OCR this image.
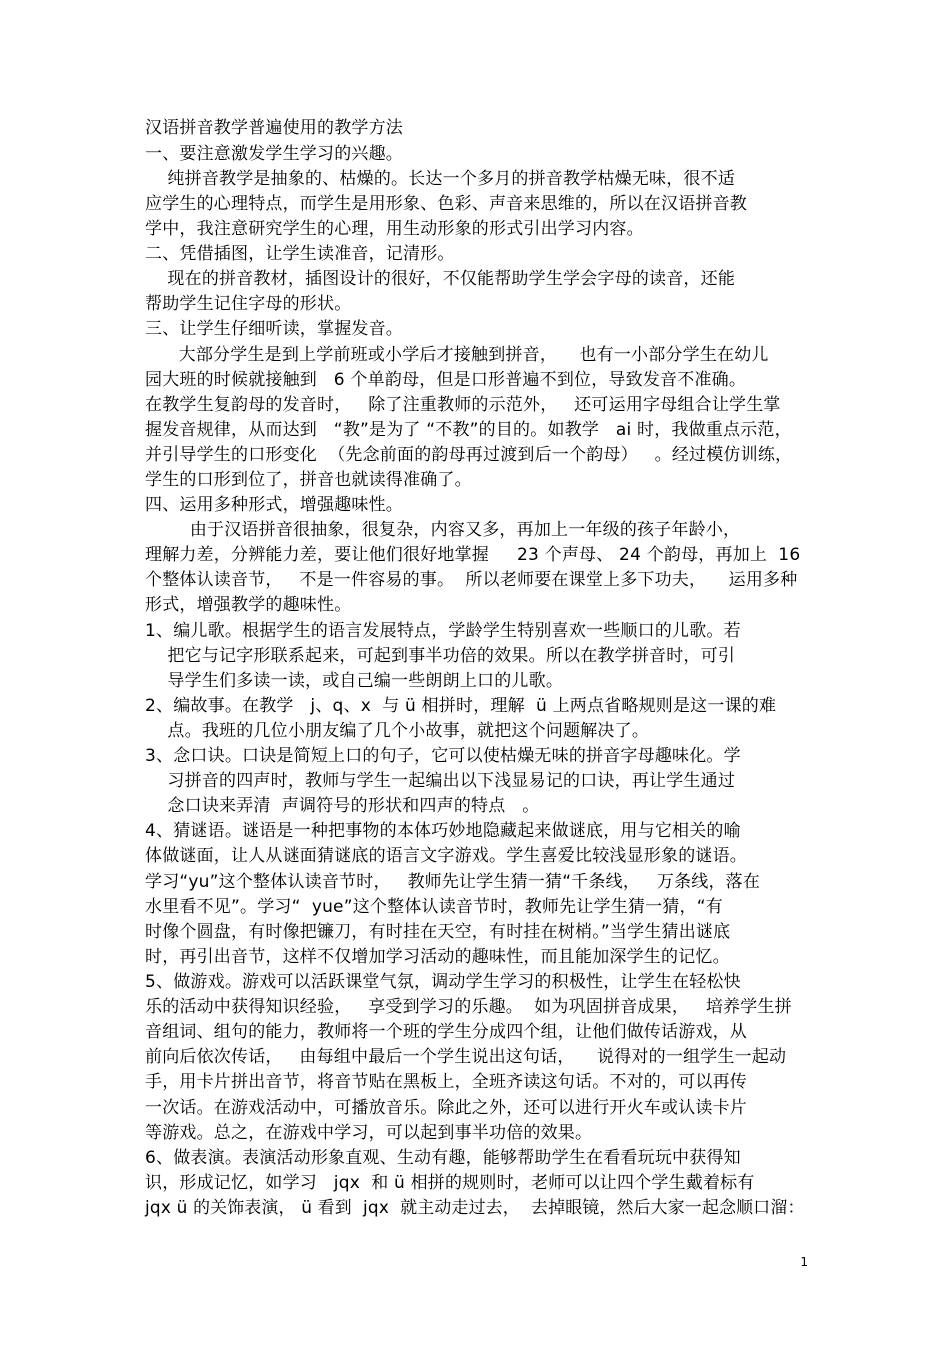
汉语拼音教学普遍使用的教学方法
一、要注意激发学生学习的兴趣。
纯拼音教学是抽象的、枯燥的。长达一个多月的拼音教学枯燥无味，很不适
应学生的心理特点，而学生是用形象、色彩、声音来思维的，所以在汉语拼音教
学中，我注意研究学生的心理，用生动形象的形式引出学习内容。
二、凭借插图，让学生读准音，记清形。
现在的拼音教材，插图设计的很好，不仅能帮助学生学会字母的读音，还能
帮助学生记住字母的形状。
三、让学生仔细听读，掌握发音。
大部分学生是到上学前班或小学后才接触到拼音，    也有一小部分学生在幼儿
园大班的时候就接触到   6 个单韵母，但是口形普遍不到位，导致发音不准确。
在教学生复韵母的发音时，   除了注重教师的示范外，   还可运用字母组合让学生掌
握发音规律，从而达到   “教”是为了 “不教”的目的。如教学   ai 时，我做重点示范，
并引导学生的口形变化  （先念前面的韵母再过渡到后一个韵母）   。经过模仿训练，
学生的口形到位了，拼音也就读得准确了。
四、运用多种形式，增强趣味性。
由于汉语拼音很抽象，很复杂，内容又多，再加上一年级的孩子年龄小，
理解力差，分辨能力差，要让他们很好地掌握     23 个声母、 24 个韵母，再加上  16
个整体认读音节，   不是一件容易的事。  所以老师要在课堂上多下功夫，    运用多种
形式，增强教学的趣味性。
1、编儿歌。根据学生的语言发展特点，学龄学生特别喜欢一些顺口的儿歌。若
把它与记字形联系起来，可起到事半功倍的效果。所以在教学拼音时，可引
导学生们多读一读，或自己编一些朗朗上口的儿歌。
2、编故事。在教学   j、q、x  与 ü 相拼时，理解  ü 上两点省略规则是这一课的难
点。我班的几位小朋友编了几个小故事，就把这个问题解决了。
3、念口诀。口诀是简短上口的句子，它可以使枯燥无味的拼音字母趣味化。学
习拼音的四声时，教师与学生一起编出以下浅显易记的口诀，再让学生通过
念口诀来弄清  声调符号的形状和四声的特点   。
4、猜谜语。谜语是一种把事物的本体巧妙地隐藏起来做谜底，用与它相关的喻
体做谜面，让人从谜面猜谜底的语言文字游戏。学生喜爱比较浅显形象的谜语。
学习“yu”这个整体认读音节时，   教师先让学生猜一猜“千条线，   万条线，落在
水里看不见”。学习“  yue”这个整体认读音节时，教师先让学生猜一猜，“有
时像个圆盘，有时像把镰刀，有时挂在天空，有时挂在树梢。”当学生猜出谜底
时，再引出音节，这样不仅增加学习活动的趣味性，而且能加深学生的记忆。
5、做游戏。游戏可以活跃课堂气氛，调动学生学习的积极性，让学生在轻松快
乐的活动中获得知识经验，   享受到学习的乐趣。  如为巩固拼音成果，   培养学生拼
音组词、组句的能力，教师将一个班的学生分成四个组，让他们做传话游戏，从
前向后依次传话，   由每组中最后一个学生说出这句话，    说得对的一组学生一起动
手，用卡片拼出音节，将音节贴在黑板上，全班齐读这句话。不对的，可以再传
一次话。在游戏活动中，可播放音乐。除此之外，还可以进行开火车或认读卡片
等游戏。总之，在游戏中学习，可以起到事半功倍的效果。
6、做表演。表演活动形象直观、生动有趣，能够帮助学生在看看玩玩中获得知
识，形成记忆，如学习   jqx  和 ü 相拼的规则时，老师可以让四个学生戴着标有
jqx ü 的关饰表演， ü 看到  jqx  就主动走过去，  去掉眼镜，然后大家一起念顺口溜：
1
